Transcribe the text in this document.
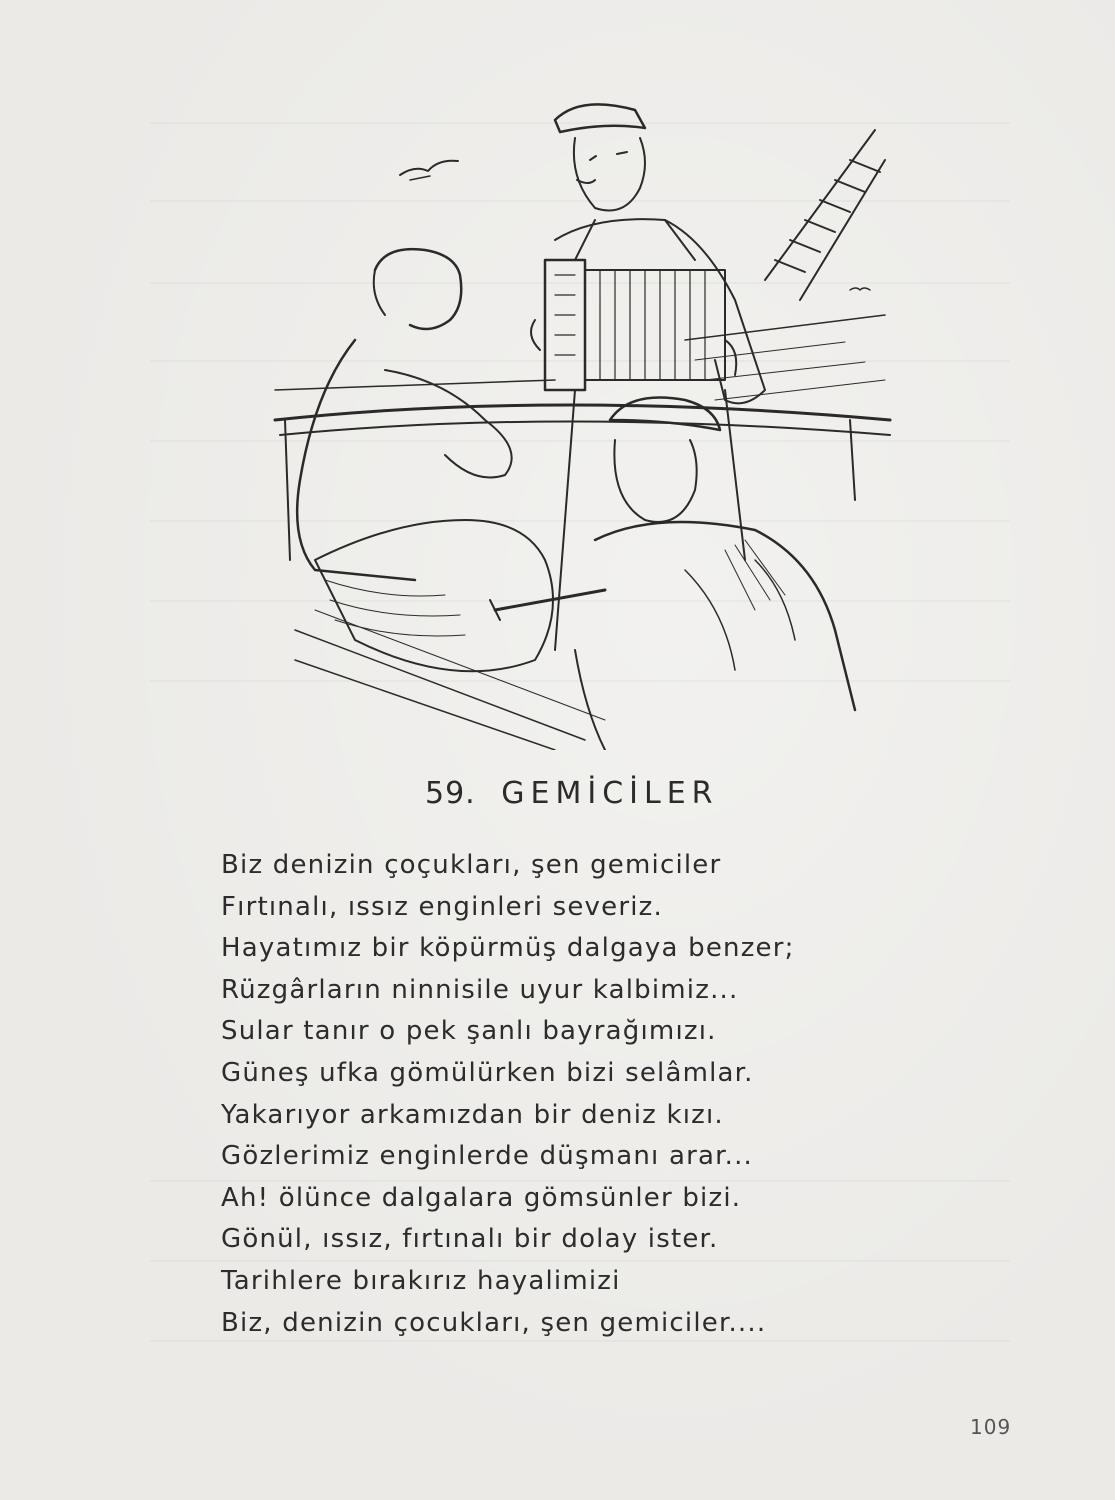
59. GEMİCİLER
Biz denizin çoçukları, şen gemiciler
Fırtınalı, ıssız enginleri severiz.
Hayatımız bir köpürmüş dalgaya benzer;
Rüzgârların ninnisile uyur kalbimiz...
Sular tanır o pek şanlı bayrağımızı.
Güneş ufka gömülürken bizi selâmlar.
Yakarıyor arkamızdan bir deniz kızı.
Gözlerimiz enginlerde düşmanı arar...
Ah! ölünce dalgalara gömsünler bizi.
Gönül, ıssız, fırtınalı bir dolay ister.
Tarihlere bırakırız hayalimizi
Biz, denizin çocukları, şen gemiciler....
109
